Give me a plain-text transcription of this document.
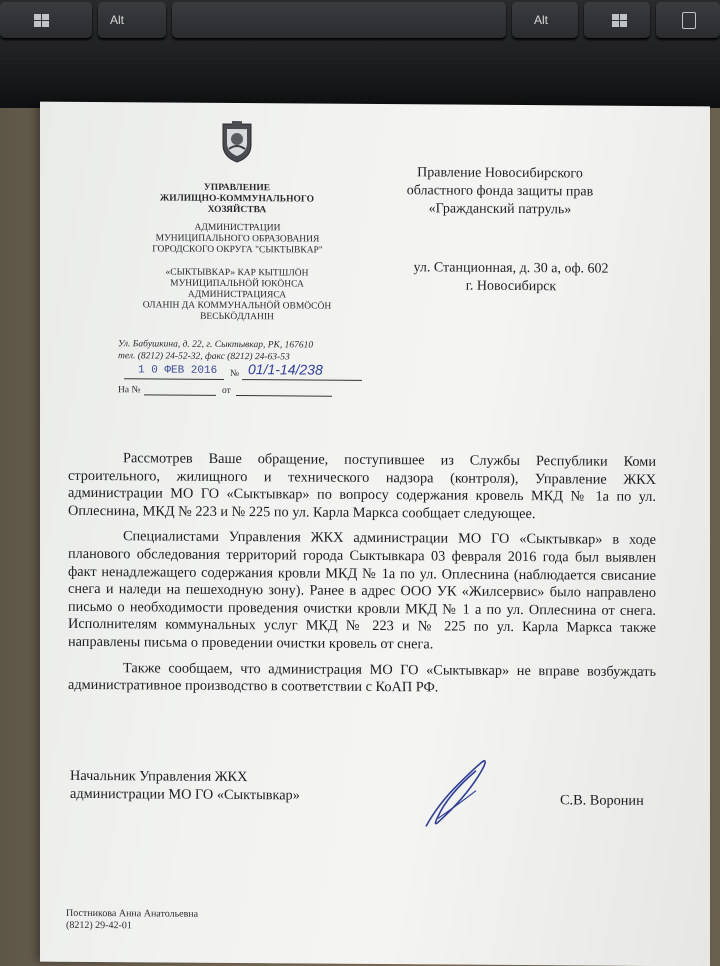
Alt	Alt
УПРАВЛЕНИЕ
ЖИЛИЩНО-КОММУНАЛЬНОГО
ХОЗЯЙСТВА
АДМИНИСТРАЦИИ
МУНИЦИПАЛЬНОГО ОБРАЗОВАНИЯ
ГОРОДСКОГО ОКРУГА "СЫКТЫВКАР"
«СЫКТЫВКАР» КАР КЫТШЛӦН
МУНИЦИПАЛЬНӦЙ ЮКӦНСА
АДМИНИСТРАЦИЯСА
ОЛАНІН ДА КОММУНАЛЬНӦЙ ОВМӦСӦН
ВЕСЬКӦДЛАНІН
Ул. Бабушкина, д. 22, г. Сыктывкар, РК, 167610
тел. (8212) 24-52-32, факс (8212) 24-63-53
1 0 ФЕВ 2016 № 01/1-14/238
На №	от
Правление Новосибирского
областного фонда защиты прав
«Гражданский патруль»
ул. Станционная, д. 30 а, оф. 602
г. Новосибирск

Рассмотрев Ваше обращение, поступившее из Службы Республики Коми строительного, жилищного и технического надзора (контроля), Управление ЖКХ администрации МО ГО «Сыктывкар» по вопросу содержания кровель МКД № 1а по ул. Оплеснина, МКД № 223 и № 225 по ул. Карла Маркса сообщает следующее.

Специалистами Управления ЖКХ администрации МО ГО «Сыктывкар» в ходе планового обследования территорий города Сыктывкара 03 февраля 2016 года был выявлен факт ненадлежащего содержания кровли МКД № 1а по ул. Оплеснина (наблюдается свисание снега и наледи на пешеходную зону). Ранее в адрес ООО УК «Жилсервис» было направлено письмо о необходимости проведения очистки кровли МКД № 1 а по ул. Оплеснина от снега. Исполнителям коммунальных услуг МКД № 223 и № 225 по ул. Карла Маркса также направлены письма о проведении очистки кровель от снега.

Также сообщаем, что администрация МО ГО «Сыктывкар» не вправе возбуждать административное производство в соответствии с КоАП РФ.

Начальник Управления ЖКХ
администрации МО ГО «Сыктывкар»	С.В. Воронин
Постникова Анна Анатольевна
(8212) 29-42-01
